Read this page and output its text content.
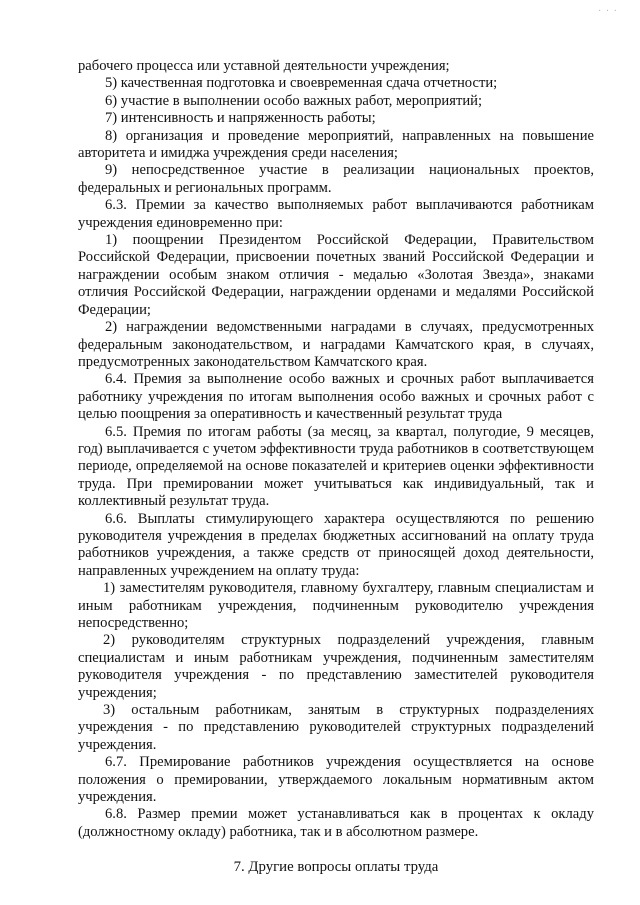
· · ·

рабочего процесса или уставной деятельности учреждения;

5) качественная подготовка и своевременная сдача отчетности;

6) участие в выполнении особо важных работ, мероприятий;

7) интенсивность и напряженность работы;

8) организация и проведение мероприятий, направленных на повышение авторитета и имиджа учреждения среди населения;

9) непосредственное участие в реализации национальных проектов, федеральных и региональных программ.

6.3. Премии за качество выполняемых работ выплачиваются работникам учреждения единовременно при:

1) поощрении Президентом Российской Федерации, Правительством Российской Федерации, присвоении почетных званий Российской Федерации и награждении особым знаком отличия - медалью «Золотая Звезда», знаками отличия Российской Федерации, награждении орденами и медалями Российской Федерации;

2) награждении ведомственными наградами в случаях, предусмотренных федеральным законодательством, и наградами Камчатского края, в случаях, предусмотренных законодательством Камчатского края.

6.4. Премия за выполнение особо важных и срочных работ выплачивается работнику учреждения по итогам выполнения особо важных и срочных работ с целью поощрения за оперативность и качественный результат труда

6.5. Премия по итогам работы (за месяц, за квартал, полугодие, 9 месяцев, год) выплачивается с учетом эффективности труда работников в соответствующем периоде, определяемой на основе показателей и критериев оценки эффективности труда. При премировании может учитываться как индивидуальный, так и коллективный результат труда.

6.6. Выплаты стимулирующего характера осуществляются по решению руководителя учреждения в пределах бюджетных ассигнований на оплату труда работников учреждения, а также средств от приносящей доход деятельности, направленных учреждением на оплату труда:

1) заместителям руководителя, главному бухгалтеру, главным специалистам и иным работникам учреждения, подчиненным руководителю учреждения непосредственно;

2) руководителям структурных подразделений учреждения, главным специалистам и иным работникам учреждения, подчиненным заместителям руководителя учреждения - по представлению заместителей руководителя учреждения;

3) остальным работникам, занятым в структурных подразделениях учреждения - по представлению руководителей структурных подразделений учреждения.

6.7. Премирование работников учреждения осуществляется на основе положения о премировании, утверждаемого локальным нормативным актом учреждения.

6.8. Размер премии может устанавливаться как в процентах к окладу (должностному окладу) работника, так и в абсолютном размере.

7. Другие вопросы оплаты труда
